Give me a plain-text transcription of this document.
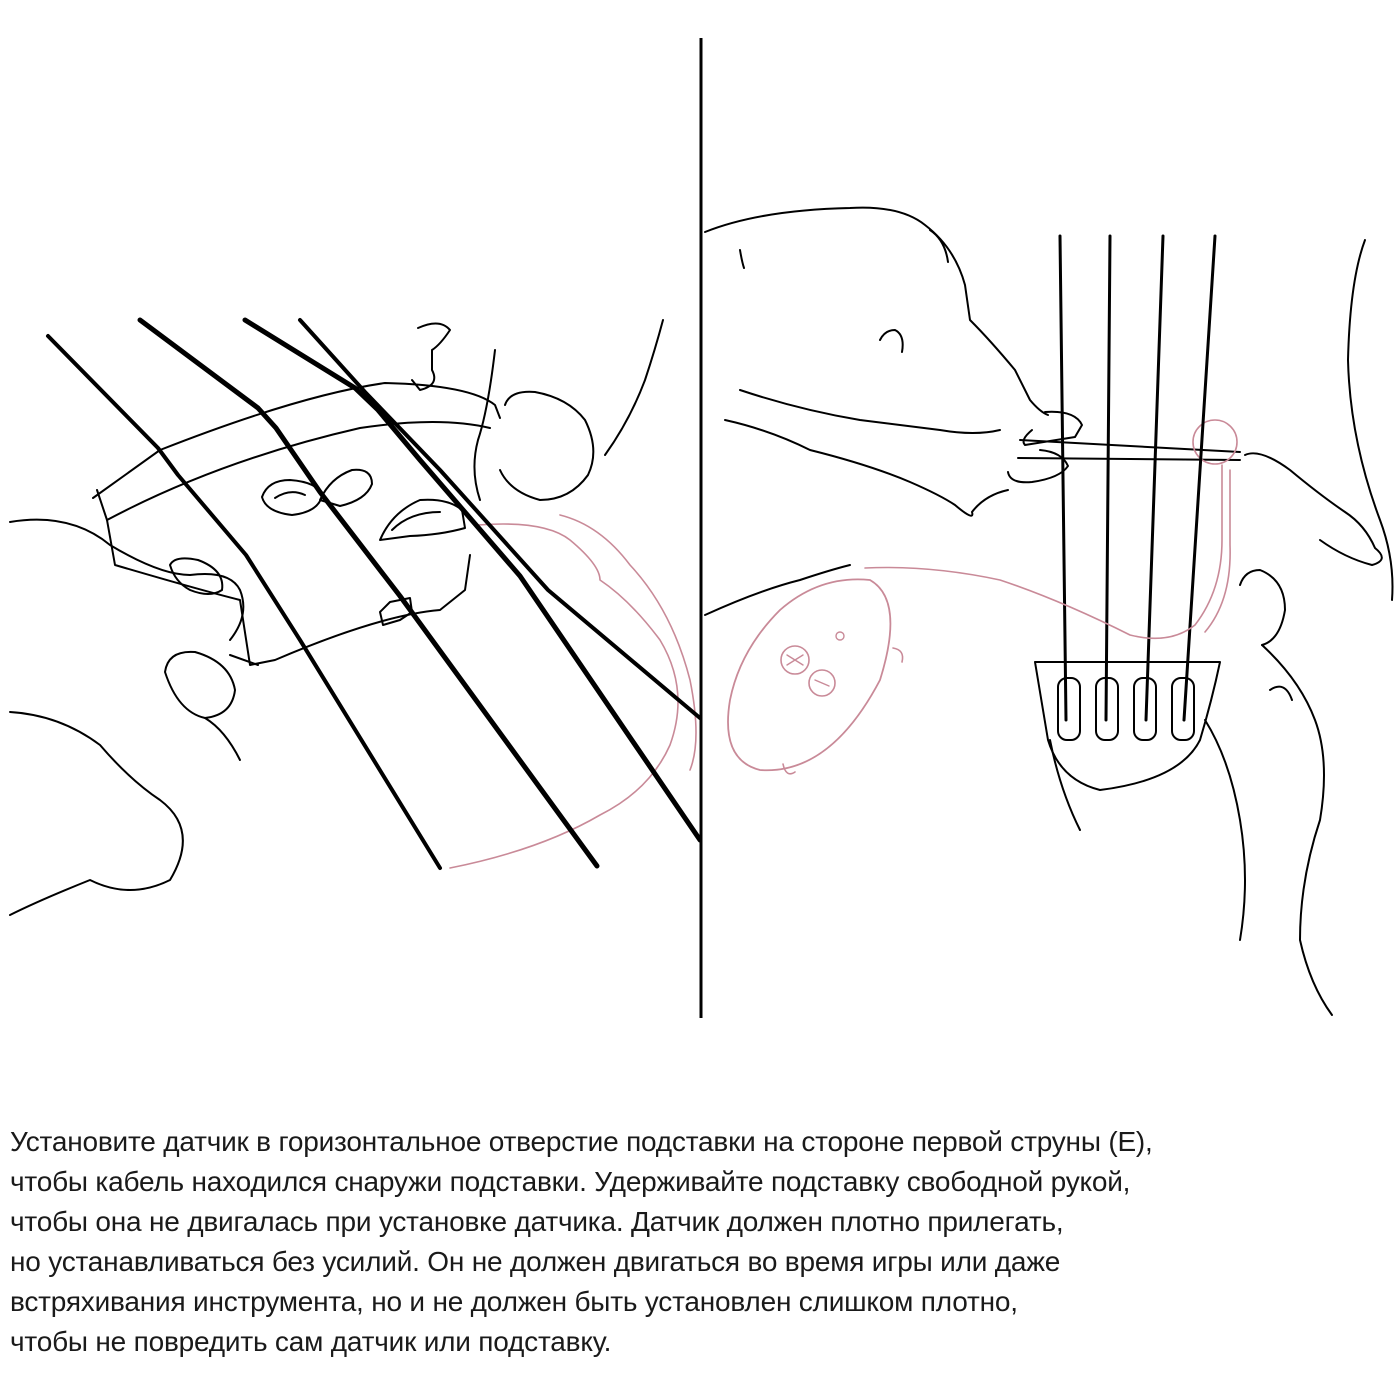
Установите датчик в горизонтальное отверстие подставки на стороне первой струны (Е),
чтобы кабель находился снаружи подставки. Удерживайте подставку свободной рукой,
чтобы она не двигалась при установке датчика. Датчик должен плотно прилегать,
но устанавливаться без усилий. Он не должен двигаться во время игры или даже
встряхивания инструмента, но и не должен быть установлен слишком плотно,
чтобы не повредить сам датчик или подставку.
